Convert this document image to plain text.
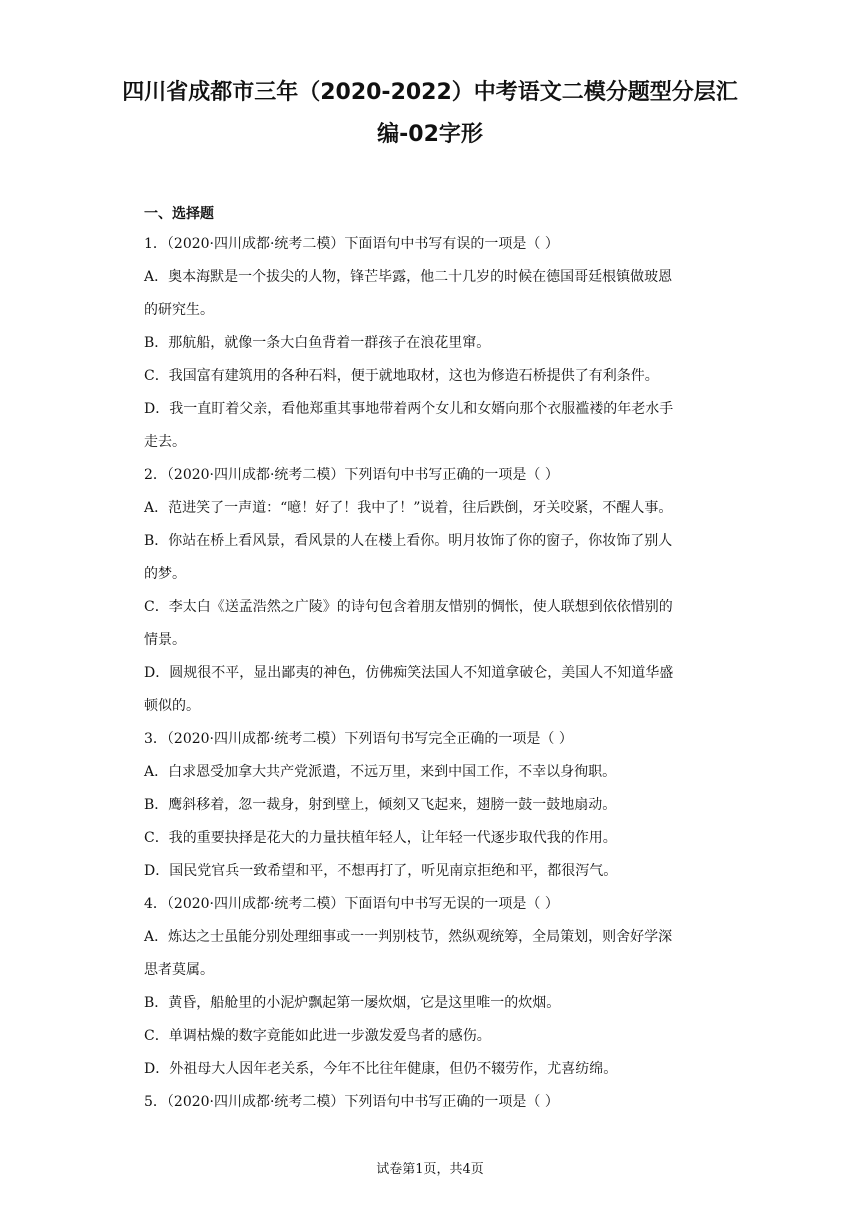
四川省成都市三年（2020-2022）中考语文二模分题型分层汇
编-02字形
一、选择题

1．（2020·四川成都·统考二模）下面语句中书写有误的一项是（ ）

A．奥本海默是一个拔尖的人物，锋芒毕露，他二十几岁的时候在德国哥廷根镇做玻恩

的研究生。

B．那航船，就像一条大白鱼背着一群孩子在浪花里窜。

C．我国富有建筑用的各种石料，便于就地取材，这也为修造石桥提供了有利条件。

D．我一直盯着父亲，看他郑重其事地带着两个女儿和女婿向那个衣服褴褛的年老水手

走去。

2．（2020·四川成都·统考二模）下列语句中书写正确的一项是（ ）

A．范进笑了一声道：“噫！好了！我中了！”说着，往后跌倒，牙关咬紧，不醒人事。

B．你站在桥上看风景，看风景的人在楼上看你。明月妆饰了你的窗子，你妆饰了别人

的梦。

C．李太白《送孟浩然之广陵》的诗句包含着朋友惜别的惆怅，使人联想到依依惜别的

情景。

D．圆规很不平，显出鄙夷的神色，仿佛痴笑法国人不知道拿破仑，美国人不知道华盛

顿似的。

3．（2020·四川成都·统考二模）下列语句书写完全正确的一项是（ ）

A．白求恩受加拿大共产党派遣，不远万里，来到中国工作，不幸以身徇职。

B．鹰斜移着，忽一裁身，射到壁上，倾刻又飞起来，翅膀一鼓一鼓地扇动。

C．我的重要抉择是花大的力量扶植年轻人，让年轻一代逐步取代我的作用。

D．国民党官兵一致希望和平，不想再打了，听见南京拒绝和平，都很泻气。

4．（2020·四川成都·统考二模）下面语句中书写无误的一项是（ ）

A．炼达之士虽能分别处理细事或一一判别枝节，然纵观统筹，全局策划，则舍好学深

思者莫属。

B．黄昏，船舱里的小泥炉飘起第一屡炊烟，它是这里唯一的炊烟。

C．单调枯燥的数字竟能如此进一步激发爱鸟者的感伤。

D．外祖母大人因年老关系，今年不比往年健康，但仍不辍劳作，尤喜纺绵。

5．（2020·四川成都·统考二模）下列语句中书写正确的一项是（ ）

试卷第1页，共4页
